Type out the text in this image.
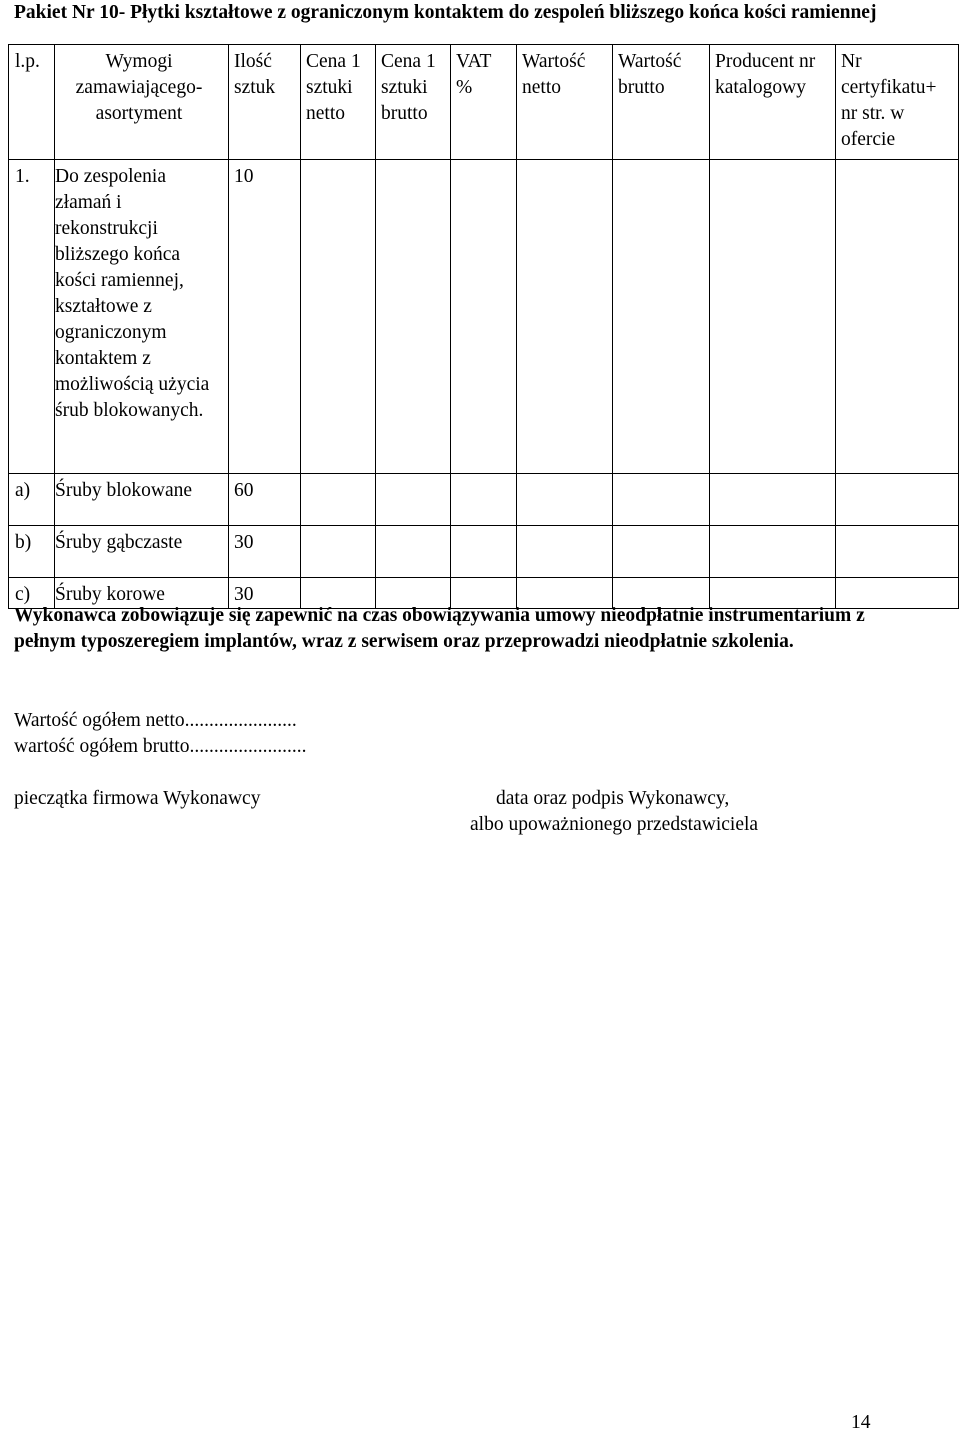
Pakiet Nr 10- Płytki kształtowe z ograniczonym kontaktem do zespoleń bliższego końca kości ramiennej
l.p.	Wymogi zamawiającego-asortyment	Ilość sztuk	Cena 1 sztuki netto	Cena 1 sztuki brutto	VAT %	Wartość netto	Wartość brutto	Producent nr katalogowy	Nr certyfikatu+ nr str. w ofercie
1.	Do zespolenia złamań i rekonstrukcji bliższego końca kości ramiennej, kształtowe z ograniczonym kontaktem z możliwością użycia śrub blokowanych.	10							
a)	Śruby blokowane	60							
b)	Śruby gąbczaste	30							
c)	Śruby korowe	30							
Wykonawca zobowiązuje się zapewnić na czas obowiązywania umowy nieodpłatnie instrumentarium z pełnym typoszeregiem implantów, wraz z serwisem oraz przeprowadzi nieodpłatnie szkolenia.
Wartość ogółem netto.......................
wartość ogółem brutto........................
pieczątka firmowa Wykonawcy	data oraz podpis Wykonawcy,
albo upoważnionego przedstawiciela
14
